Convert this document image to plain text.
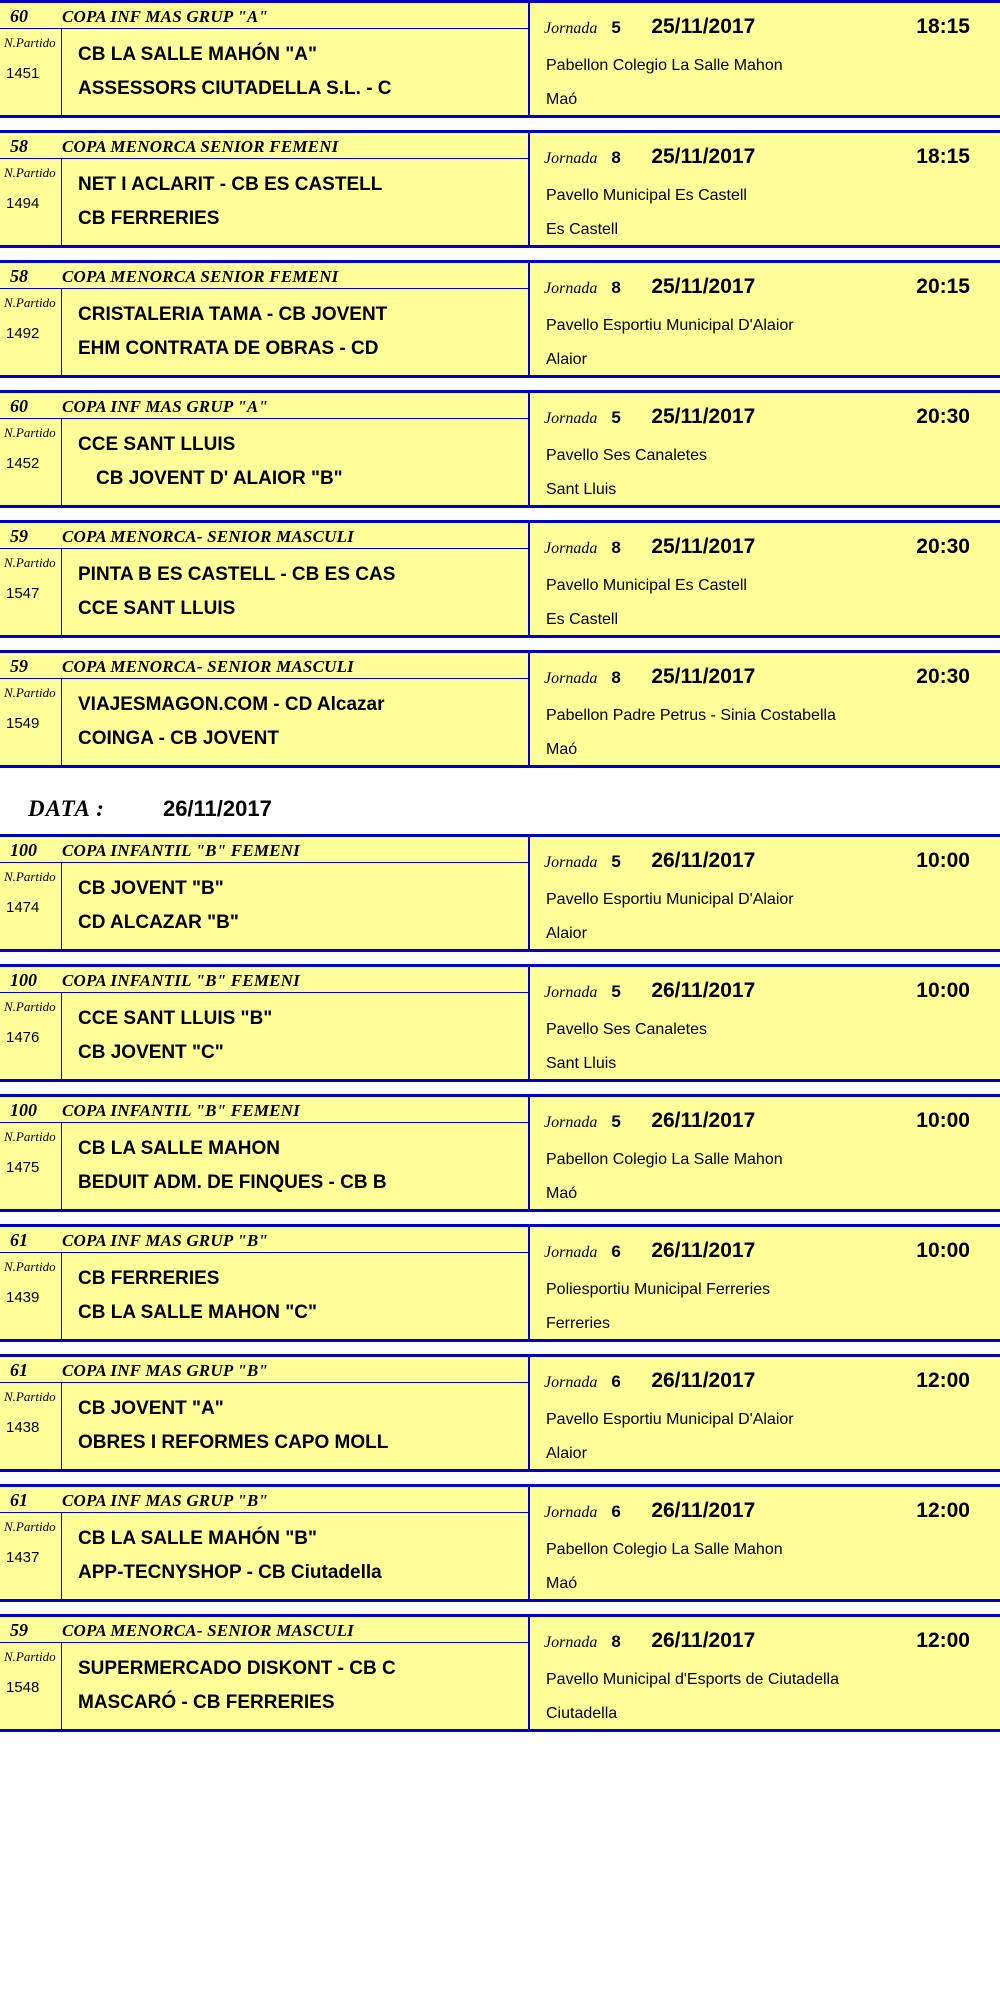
60	COPA INF MAS GRUP "A"
N.Partido
1451
CB LA SALLE MAHÓN "A"
ASSESSORS CIUTADELLA S.L. - C
Jornada 5	25/11/2017	18:15
Pabellon Colegio La Salle Mahon
Maó
58	COPA MENORCA SENIOR FEMENI
N.Partido
1494
NET I ACLARIT - CB ES CASTELL
CB FERRERIES
Jornada 8	25/11/2017	18:15
Pavello Municipal Es Castell
Es Castell
58	COPA MENORCA SENIOR FEMENI
N.Partido
1492
CRISTALERIA TAMA - CB JOVENT
EHM CONTRATA DE OBRAS - CD
Jornada 8	25/11/2017	20:15
Pavello Esportiu Municipal D'Alaior
Alaior
60	COPA INF MAS GRUP "A"
N.Partido
1452
CCE SANT LLUIS
CB JOVENT D' ALAIOR "B"
Jornada 5	25/11/2017	20:30
Pavello Ses Canaletes
Sant Lluis
59	COPA MENORCA- SENIOR MASCULI
N.Partido
1547
PINTA B ES CASTELL - CB ES CAS
CCE SANT LLUIS
Jornada 8	25/11/2017	20:30
Pavello Municipal Es Castell
Es Castell
59	COPA MENORCA- SENIOR MASCULI
N.Partido
1549
VIAJESMAGON.COM - CD Alcazar
COINGA - CB JOVENT
Jornada 8	25/11/2017	20:30
Pabellon Padre Petrus - Sinia Costabella
Maó
DATA :	26/11/2017
100	COPA INFANTIL "B" FEMENI
N.Partido
1474
CB JOVENT "B"
CD ALCAZAR "B"
Jornada 5	26/11/2017	10:00
Pavello Esportiu Municipal D'Alaior
Alaior
100	COPA INFANTIL "B" FEMENI
N.Partido
1476
CCE SANT LLUIS "B"
CB JOVENT "C"
Jornada 5	26/11/2017	10:00
Pavello Ses Canaletes
Sant Lluis
100	COPA INFANTIL "B" FEMENI
N.Partido
1475
CB LA SALLE MAHON
BEDUIT ADM. DE FINQUES - CB B
Jornada 5	26/11/2017	10:00
Pabellon Colegio La Salle Mahon
Maó
61	COPA INF MAS GRUP "B"
N.Partido
1439
CB FERRERIES
CB LA SALLE MAHON "C"
Jornada 6	26/11/2017	10:00
Poliesportiu Municipal Ferreries
Ferreries
61	COPA INF MAS GRUP "B"
N.Partido
1438
CB JOVENT "A"
OBRES I REFORMES CAPO MOLL
Jornada 6	26/11/2017	12:00
Pavello Esportiu Municipal D'Alaior
Alaior
61	COPA INF MAS GRUP "B"
N.Partido
1437
CB LA SALLE MAHÓN "B"
APP-TECNYSHOP - CB Ciutadella
Jornada 6	26/11/2017	12:00
Pabellon Colegio La Salle Mahon
Maó
59	COPA MENORCA- SENIOR MASCULI
N.Partido
1548
SUPERMERCADO DISKONT - CB C
MASCARÓ - CB FERRERIES
Jornada 8	26/11/2017	12:00
Pavello Municipal d'Esports de Ciutadella
Ciutadella
